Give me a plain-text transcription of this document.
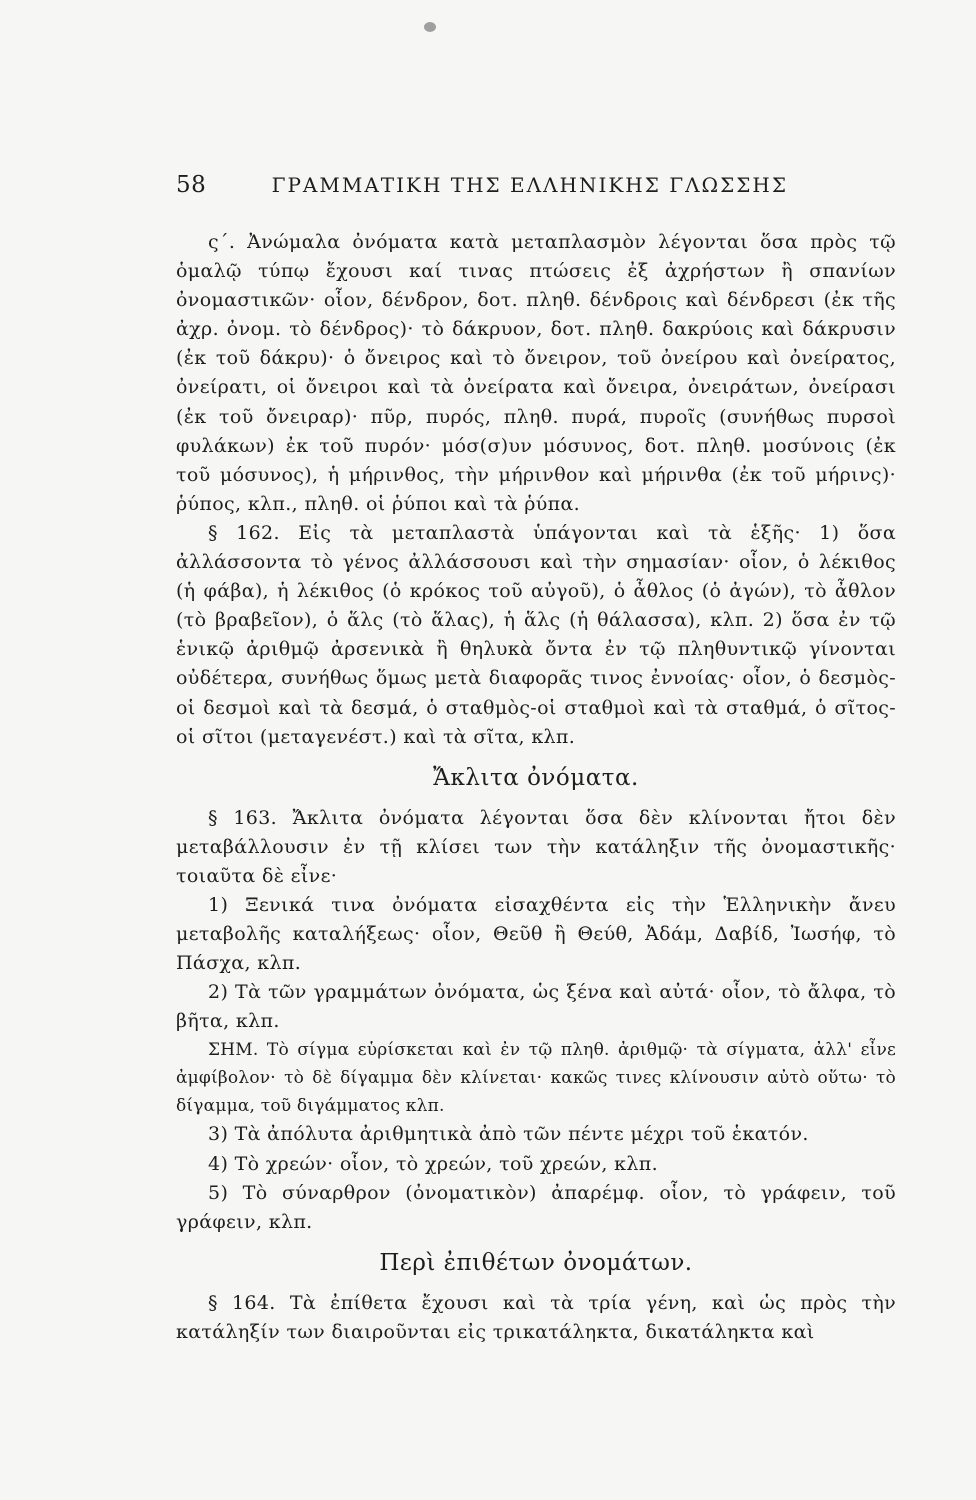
58	ΓΡΑΜΜΑΤΙΚΗ ΤΗΣ ΕΛΛΗΝΙΚΗΣ ΓΛΩΣΣΗΣ

ς΄. Ἀνώμαλα ὀνόματα κατὰ μεταπλασμὸν λέγονται ὅσα πρὸς τῷ ὁμαλῷ τύπῳ ἔχουσι καί τινας πτώσεις ἐξ ἀχρήστων ἢ σπανίων ὀνομαστικῶν· οἷον, δένδρον, δοτ. πληθ. δένδροις καὶ δένδρεσι (ἐκ τῆς ἀχρ. ὀνομ. τὸ δένδρος)· τὸ δάκρυον, δοτ. πληθ. δακρύοις καὶ δάκρυσιν (ἐκ τοῦ δάκρυ)· ὁ ὄνειρος καὶ τὸ ὄνειρον, τοῦ ὀνείρου καὶ ὀνείρατος, ὀνείρατι, οἱ ὄνειροι καὶ τὰ ὀνείρατα καὶ ὄνειρα, ὀνειράτων, ὀνείρασι (ἐκ τοῦ ὄνειραρ)· πῦρ, πυρός, πληθ. πυρά, πυροῖς (συνήθως πυρσοὶ φυλάκων) ἐκ τοῦ πυρόν· μόσ(σ)υν μόσυνος, δοτ. πληθ. μοσύνοις (ἐκ τοῦ μόσυνος), ἡ μήρινθος, τὴν μήρινθον καὶ μήρινθα (ἐκ τοῦ μήρινς)· ῥύπος, κλπ., πληθ. οἱ ῥύποι καὶ τὰ ῥύπα.

§ 162. Εἰς τὰ μεταπλαστὰ ὑπάγονται καὶ τὰ ἑξῆς· 1) ὅσα ἀλλάσσοντα τὸ γένος ἀλλάσσουσι καὶ τὴν σημασίαν· οἷον, ὁ λέκιθος (ἡ φάβα), ἡ λέκιθος (ὁ κρόκος τοῦ αὐγοῦ), ὁ ἆθλος (ὁ ἀγών), τὸ ἆθλον (τὸ βραβεῖον), ὁ ἅλς (τὸ ἅλας), ἡ ἅλς (ἡ θάλασσα), κλπ. 2) ὅσα ἐν τῷ ἑνικῷ ἀριθμῷ ἀρσενικὰ ἢ θηλυκὰ ὄντα ἐν τῷ πληθυντικῷ γίνονται οὐδέτερα, συνήθως ὅμως μετὰ διαφορᾶς τινος ἐννοίας· οἷον, ὁ δεσμὸς-οἱ δεσμοὶ καὶ τὰ δεσμά, ὁ σταθμὸς-οἱ σταθμοὶ καὶ τὰ σταθμά, ὁ σῖτος-οἱ σῖτοι (μεταγενέστ.) καὶ τὰ σῖτα, κλπ.

Ἄκλιτα ὀνόματα.

§ 163. Ἄκλιτα ὀνόματα λέγονται ὅσα δὲν κλίνονται ἤτοι δὲν μεταβάλλουσιν ἐν τῇ κλίσει των τὴν κατάληξιν τῆς ὀνομαστικῆς· τοιαῦτα δὲ εἶνε·

1) Ξενικά τινα ὀνόματα εἰσαχθέντα εἰς τὴν Ἑλληνικὴν ἄνευ μεταβολῆς καταλήξεως· οἷον, Θεῦθ ἢ Θεύθ, Ἀδάμ, Δαβίδ, Ἰωσήφ, τὸ Πάσχα, κλπ.

2) Τὰ τῶν γραμμάτων ὀνόματα, ὡς ξένα καὶ αὐτά· οἷον, τὸ ἄλφα, τὸ βῆτα, κλπ.

ΣΗΜ. Τὸ σίγμα εὑρίσκεται καὶ ἐν τῷ πληθ. ἀριθμῷ· τὰ σίγματα, ἀλλ' εἶνε ἀμφίβολον· τὸ δὲ δίγαμμα δὲν κλίνεται· κακῶς τινες κλίνουσιν αὐτὸ οὕτω· τὸ δίγαμμα, τοῦ διγάμματος κλπ.

3) Τὰ ἀπόλυτα ἀριθμητικὰ ἀπὸ τῶν πέντε μέχρι τοῦ ἑκατόν.

4) Τὸ χρεών· οἷον, τὸ χρεών, τοῦ χρεών, κλπ.

5) Τὸ σύναρθρον (ὀνοματικὸν) ἀπαρέμφ. οἷον, τὸ γράφειν, τοῦ γράφειν, κλπ.

Περὶ ἐπιθέτων ὀνομάτων.

§ 164. Τὰ ἐπίθετα ἔχουσι καὶ τὰ τρία γένη, καὶ ὡς πρὸς τὴν κατάληξίν των διαιροῦνται εἰς τρικατάληκτα, δικατάληκτα καὶ
